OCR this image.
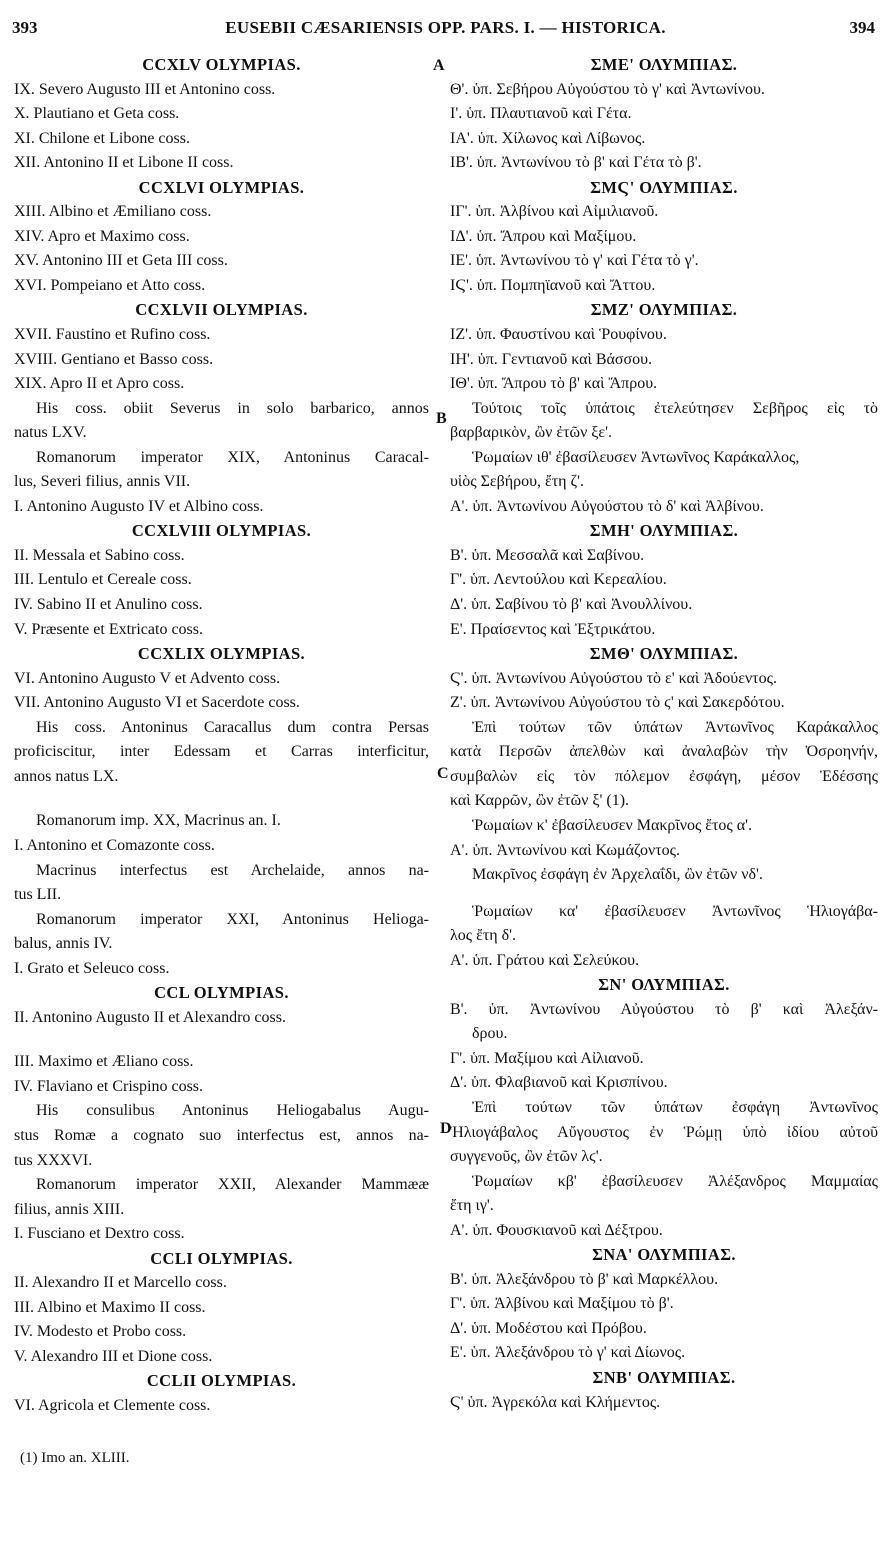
393	EUSEBII CÆSARIENSIS OPP. PARS. I. — HISTORICA.	394
A
B
C
D
CCXLV OLYMPIAS.
IX. Severo Augusto III et Antonino coss.
X. Plautiano et Geta coss.
XI. Chilone et Libone coss.
XII. Antonino II et Libone II coss.
CCXLVI OLYMPIAS.
XIII. Albino et Æmiliano coss.
XIV. Apro et Maximo coss.
XV. Antonino III et Geta III coss.
XVI. Pompeiano et Atto coss.
CCXLVII OLYMPIAS.
XVII. Faustino et Rufino coss.
XVIII. Gentiano et Basso coss.
XIX. Apro II et Apro coss.
His coss. obiit Severus in solo barbarico, annos
natus LXV.
Romanorum imperator XIX, Antoninus Caracal-
lus, Severi filius, annis VII.
I. Antonino Augusto IV et Albino coss.
CCXLVIII OLYMPIAS.
II. Messala et Sabino coss.
III. Lentulo et Cereale coss.
IV. Sabino II et Anulino coss.
V. Præsente et Extricato coss.
CCXLIX OLYMPIAS.
VI. Antonino Augusto V et Advento coss.
VII. Antonino Augusto VI et Sacerdote coss.
His coss. Antoninus Caracallus dum contra Persas
proficiscitur, inter Edessam et Carras interficitur,
annos natus LX.
Romanorum imp. XX, Macrinus an. I.
I. Antonino et Comazonte coss.
Macrinus interfectus est Archelaide, annos na-
tus LII.
Romanorum imperator XXI, Antoninus Helioga-
balus, annis IV.
I. Grato et Seleuco coss.
CCL OLYMPIAS.
II. Antonino Augusto II et Alexandro coss.
III. Maximo et Æliano coss.
IV. Flaviano et Crispino coss.
His consulibus Antoninus Heliogabalus Augu-
stus Romæ a cognato suo interfectus est, annos na-
tus XXXVI.
Romanorum imperator XXII, Alexander Mammææ
filius, annis XIII.
I. Fusciano et Dextro coss.
CCLI OLYMPIAS.
II. Alexandro II et Marcello coss.
III. Albino et Maximo II coss.
IV. Modesto et Probo coss.
V. Alexandro III et Dione coss.
CCLII OLYMPIAS.
VI. Agricola et Clemente coss.
ΣΜΕ' ΟΛΥΜΠΙΑΣ.
Θ'. ὑπ. Σεβήρου Αὐγούστου τὸ γ' καὶ Ἀντωνίνου.
Ι'. ὑπ. Πλαυτιανοῦ καὶ Γέτα.
ΙΑ'. ὑπ. Χίλωνος καὶ Λίβωνος.
ΙΒ'. ὑπ. Ἀντωνίνου τὸ β' καὶ Γέτα τὸ β'.
ΣΜϚ' ΟΛΥΜΠΙΑΣ.
ΙΓ'. ὑπ. Ἀλβίνου καὶ Αἰμιλιανοῦ.
ΙΔ'. ὑπ. Ἄπρου καὶ Μαξίμου.
ΙΕ'. ὑπ. Ἀντωνίνου τὸ γ' καὶ Γέτα τὸ γ'.
ΙϚ'. ὑπ. Πομπηϊανοῦ καὶ Ἄττου.
ΣΜΖ' ΟΛΥΜΠΙΑΣ.
ΙΖ'. ὑπ. Φαυστίνου καὶ Ῥουφίνου.
ΙΗ'. ὑπ. Γεντιανοῦ καὶ Βάσσου.
ΙΘ'. ὑπ. Ἄπρου τὸ β' καὶ Ἄπρου.
Τούτοις τοῖς ὑπάτοις ἐτελεύτησεν Σεβῆρος εἰς τὸ
βαρβαρικὸν, ὢν ἐτῶν ξε'.
Ῥωμαίων ιθ' ἐβασίλευσεν Ἀντωνῖνος Καράκαλλος,
υἱὸς Σεβήρου, ἔτη ζ'.
Α'. ὑπ. Ἀντωνίνου Αὐγούστου τὸ δ' καὶ Ἀλβίνου.
ΣΜΗ' ΟΛΥΜΠΙΑΣ.
Β'. ὑπ. Μεσσαλᾶ καὶ Σαβίνου.
Γ'. ὑπ. Λεντούλου καὶ Κερεαλίου.
Δ'. ὑπ. Σαβίνου τὸ β' καὶ Ἀνουλλίνου.
Ε'. Πραίσεντος καὶ Ἐξτρικάτου.
ΣΜΘ' ΟΛΥΜΠΙΑΣ.
Ϛ'. ὑπ. Ἀντωνίνου Αὐγούστου τὸ ε' καὶ Ἀδούεντος.
Ζ'. ὑπ. Ἀντωνίνου Αὐγούστου τὸ ϛ' καὶ Σακερδότου.
Ἐπὶ τούτων τῶν ὑπάτων Ἀντωνῖνος Καράκαλλος
κατὰ Περσῶν ἀπελθὼν καὶ ἀναλαβὼν τὴν Ὀσροηνήν,
συμβαλὼν εἰς τὸν πόλεμον ἐσφάγη, μέσον Ἐδέσσης
καὶ Καρρῶν, ὢν ἐτῶν ξ' (1).
Ῥωμαίων κ' ἐβασίλευσεν Μακρῖνος ἔτος α'.
Α'. ὑπ. Ἀντωνίνου καὶ Κωμάζοντος.
Μακρῖνος ἐσφάγη ἐν Ἀρχελαΐδι, ὢν ἐτῶν νδ'.
Ῥωμαίων κα' ἐβασίλευσεν Ἀντωνῖνος Ἡλιογάβα-
λος ἔτη δ'.
Α'. ὑπ. Γράτου καὶ Σελεύκου.
ΣΝ' ΟΛΥΜΠΙΑΣ.
Β'. ὑπ. Ἀντωνίνου Αὐγούστου τὸ β' καὶ Ἀλεξάν-
δρου.
Γ'. ὑπ. Μαξίμου καὶ Αἰλιανοῦ.
Δ'. ὑπ. Φλαβιανοῦ καὶ Κρισπίνου.
Ἐπὶ τούτων τῶν ὑπάτων ἐσφάγη Ἀντωνῖνος
Ἡλιογάβαλος Αὔγουστος ἐν Ῥώμῃ ὑπὸ ἰδίου αὐτοῦ
συγγενοῦς, ὢν ἐτῶν λϛ'.
Ῥωμαίων κβ' ἐβασίλευσεν Ἀλέξανδρος Μαμμαίας
ἔτη ιγ'.
Α'. ὑπ. Φουσκιανοῦ καὶ Δέξτρου.
ΣΝΑ' ΟΛΥΜΠΙΑΣ.
Β'. ὑπ. Ἀλεξάνδρου τὸ β' καὶ Μαρκέλλου.
Γ'. ὑπ. Ἀλβίνου καὶ Μαξίμου τὸ β'.
Δ'. ὑπ. Μοδέστου καὶ Πρόβου.
Ε'. ὑπ. Ἀλεξάνδρου τὸ γ' καὶ Δίωνος.
ΣΝΒ' ΟΛΥΜΠΙΑΣ.
Ϛ' ὑπ. Ἀγρεκόλα καὶ Κλήμεντος.
(1) Imo an. XLIII.
